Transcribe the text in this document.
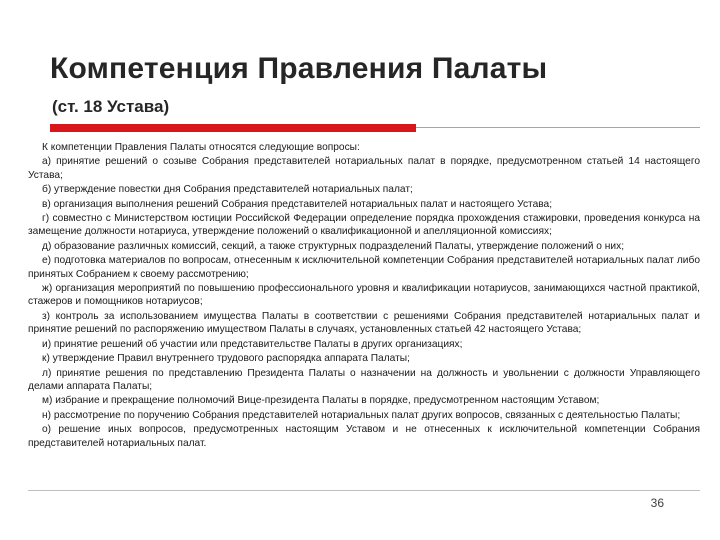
Компетенция Правления Палаты
(ст. 18 Устава)

К компетенции Правления Палаты относятся следующие вопросы:

а) принятие решений о созыве Собрания представителей нотариальных палат в порядке, предусмотренном статьей 14 настоящего Устава;

б) утверждение повестки дня Собрания представителей нотариальных палат;

в) организация выполнения решений Собрания представителей нотариальных палат и настоящего Устава;

г) совместно с Министерством юстиции Российской Федерации определение порядка прохождения стажировки, проведения конкурса на замещение должности нотариуса, утверждение положений о квалификационной и апелляционной комиссиях;

д) образование различных комиссий, секций, а также структурных подразделений Палаты, утверждение положений о них;

е) подготовка материалов по вопросам, отнесенным к исключительной компетенции Собрания представителей нотариальных палат либо принятых Собранием к своему рассмотрению;

ж) организация мероприятий по повышению профессионального уровня и квалификации нотариусов, занимающихся частной практикой, стажеров и помощников нотариусов;

з) контроль за использованием имущества Палаты в соответствии с решениями Собрания представителей нотариальных палат и принятие решений по распоряжению имуществом Палаты в случаях, установленных статьей 42 настоящего Устава;

и) принятие решений об участии или представительстве Палаты в других организациях;

к) утверждение Правил внутреннего трудового распорядка аппарата Палаты;

л) принятие решения по представлению Президента Палаты о назначении на должность и увольнении с должности Управляющего делами аппарата Палаты;

м) избрание и прекращение полномочий Вице-президента Палаты в порядке, предусмотренном настоящим Уставом;

н) рассмотрение по поручению Собрания представителей нотариальных палат других вопросов, связанных с деятельностью Палаты;

о) решение иных вопросов, предусмотренных настоящим Уставом и не отнесенных к исключительной компетенции Собрания представителей нотариальных палат.

36
